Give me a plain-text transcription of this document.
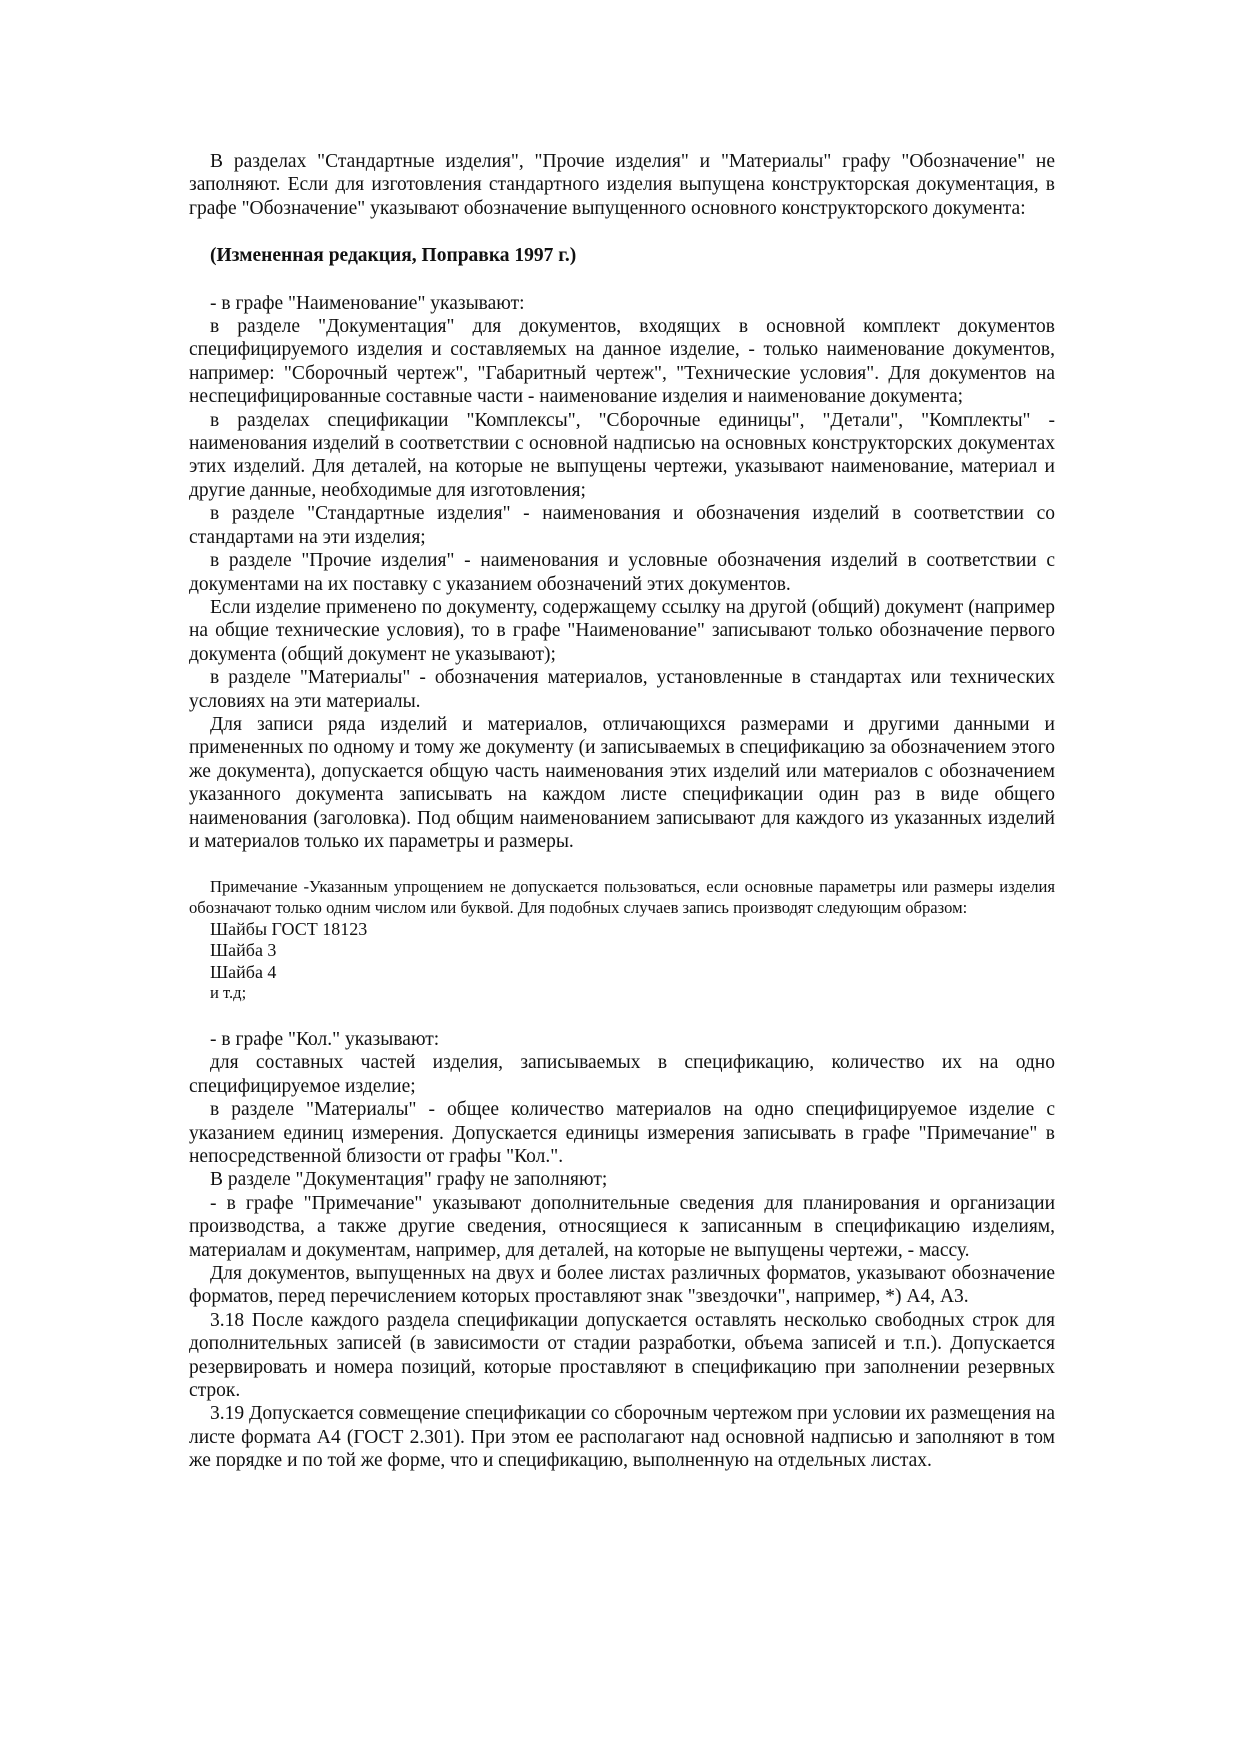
В разделах "Стандартные изделия", "Прочие изделия" и "Материалы" графу "Обозначение" не заполняют. Если для изготовления стандартного изделия выпущена конструкторская документация, в графе "Обозначение" указывают обозначение выпущенного основного конструкторского документа:

(Измененная редакция, Поправка 1997 г.)

- в графе "Наименование" указывают:

в разделе "Документация" для документов, входящих в основной комплект документов специфицируемого изделия и составляемых на данное изделие, - только наименование документов, например: "Сборочный чертеж", "Габаритный чертеж", "Технические условия". Для документов на неспецифицированные составные части - наименование изделия и наименование документа;

в разделах спецификации "Комплексы", "Сборочные единицы", "Детали", "Комплекты" - наименования изделий в соответствии с основной надписью на основных конструкторских документах этих изделий. Для деталей, на которые не выпущены чертежи, указывают наименование, материал и другие данные, необходимые для изготовления;

в разделе "Стандартные изделия" - наименования и обозначения изделий в соответствии со стандартами на эти изделия;

в разделе "Прочие изделия" - наименования и условные обозначения изделий в соответствии с документами на их поставку с указанием обозначений этих документов.

Если изделие применено по документу, содержащему ссылку на другой (общий) документ (например на общие технические условия), то в графе "Наименование" записывают только обозначение первого документа (общий документ не указывают);

в разделе "Материалы" - обозначения материалов, установленные в стандартах или технических условиях на эти материалы.

Для записи ряда изделий и материалов, отличающихся размерами и другими данными и примененных по одному и тому же документу (и записываемых в спецификацию за обозначением этого же документа), допускается общую часть наименования этих изделий или материалов с обозначением указанного документа записывать на каждом листе спецификации один раз в виде общего наименования (заголовка). Под общим наименованием записывают для каждого из указанных изделий и материалов только их параметры и размеры.

Примечание -Указанным упрощением не допускается пользоваться, если основные параметры или размеры изделия обозначают только одним числом или буквой. Для подобных случаев запись производят следующим образом:

Шайбы ГОСТ 18123
Шайба 3
Шайба 4
и т.д;

- в графе "Кол." указывают:

для составных частей изделия, записываемых в спецификацию, количество их на одно специфицируемое изделие;

в разделе "Материалы" - общее количество материалов на одно специфицируемое изделие с указанием единиц измерения. Допускается единицы измерения записывать в графе "Примечание" в непосредственной близости от графы "Кол.".

В разделе "Документация" графу не заполняют;

- в графе "Примечание" указывают дополнительные сведения для планирования и организации производства, а также другие сведения, относящиеся к записанным в спецификацию изделиям, материалам и документам, например, для деталей, на которые не выпущены чертежи, - массу.

Для документов, выпущенных на двух и более листах различных форматов, указывают обозначение форматов, перед перечислением которых проставляют знак "звездочки", например, *) А4, А3.

3.18 После каждого раздела спецификации допускается оставлять несколько свободных строк для дополнительных записей (в зависимости от стадии разработки, объема записей и т.п.). Допускается резервировать и номера позиций, которые проставляют в спецификацию при заполнении резервных строк.

3.19 Допускается совмещение спецификации со сборочным чертежом при условии их размещения на листе формата А4 (ГОСТ 2.301). При этом ее располагают над основной надписью и заполняют в том же порядке и по той же форме, что и спецификацию, выполненную на отдельных листах.
